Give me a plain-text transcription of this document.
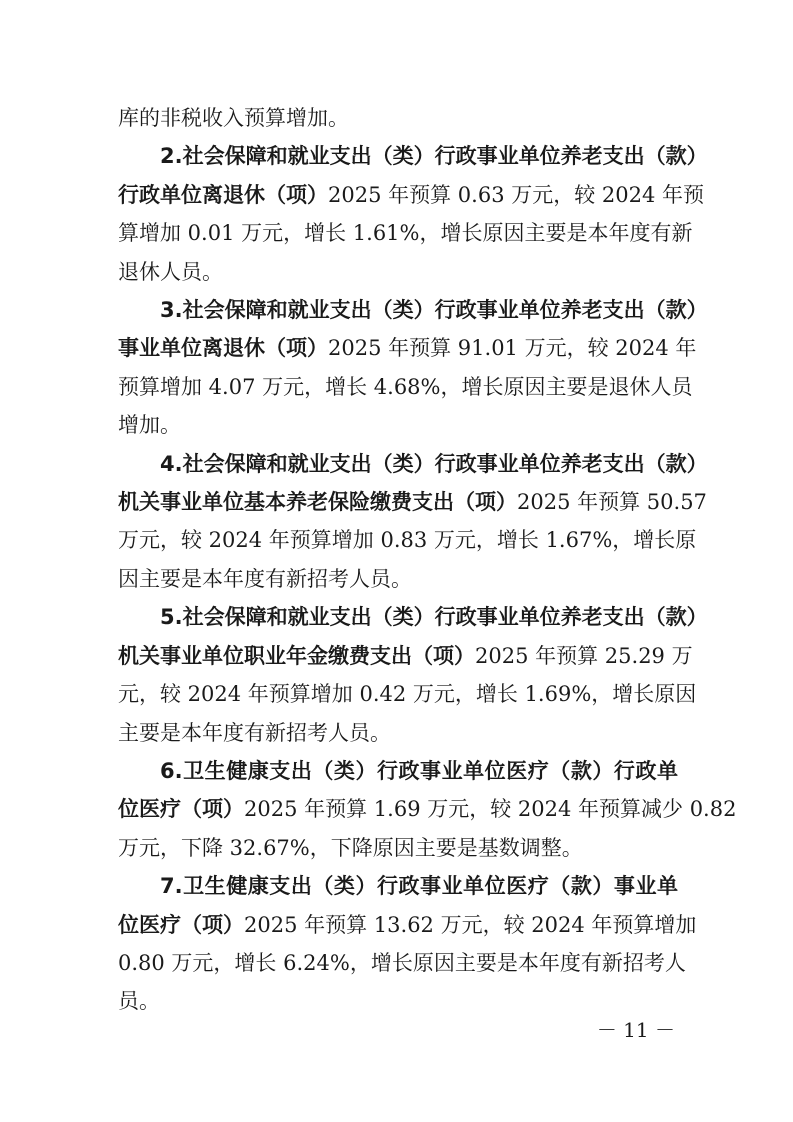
库的非税收入预算增加。
2.社会保障和就业支出（类）行政事业单位养老支出（款）
行政单位离退休（项）2025 年预算 0.63 万元，较 2024 年预
算增加 0.01 万元，增长 1.61%，增长原因主要是本年度有新
退休人员。
3.社会保障和就业支出（类）行政事业单位养老支出（款）
事业单位离退休（项）2025 年预算 91.01 万元，较 2024 年
预算增加 4.07 万元，增长 4.68%，增长原因主要是退休人员
增加。
4.社会保障和就业支出（类）行政事业单位养老支出（款）
机关事业单位基本养老保险缴费支出（项）2025 年预算 50.57
万元，较 2024 年预算增加 0.83 万元，增长 1.67%，增长原
因主要是本年度有新招考人员。
5.社会保障和就业支出（类）行政事业单位养老支出（款）
机关事业单位职业年金缴费支出（项）2025 年预算 25.29 万
元，较 2024 年预算增加 0.42 万元，增长 1.69%，增长原因
主要是本年度有新招考人员。
6.卫生健康支出（类）行政事业单位医疗（款）行政单
位医疗（项）2025 年预算 1.69 万元，较 2024 年预算减少 0.82
万元，下降 32.67%，下降原因主要是基数调整。
7.卫生健康支出（类）行政事业单位医疗（款）事业单
位医疗（项）2025 年预算 13.62 万元，较 2024 年预算增加
0.80 万元，增长 6.24%，增长原因主要是本年度有新招考人
员。
－ 11 －
